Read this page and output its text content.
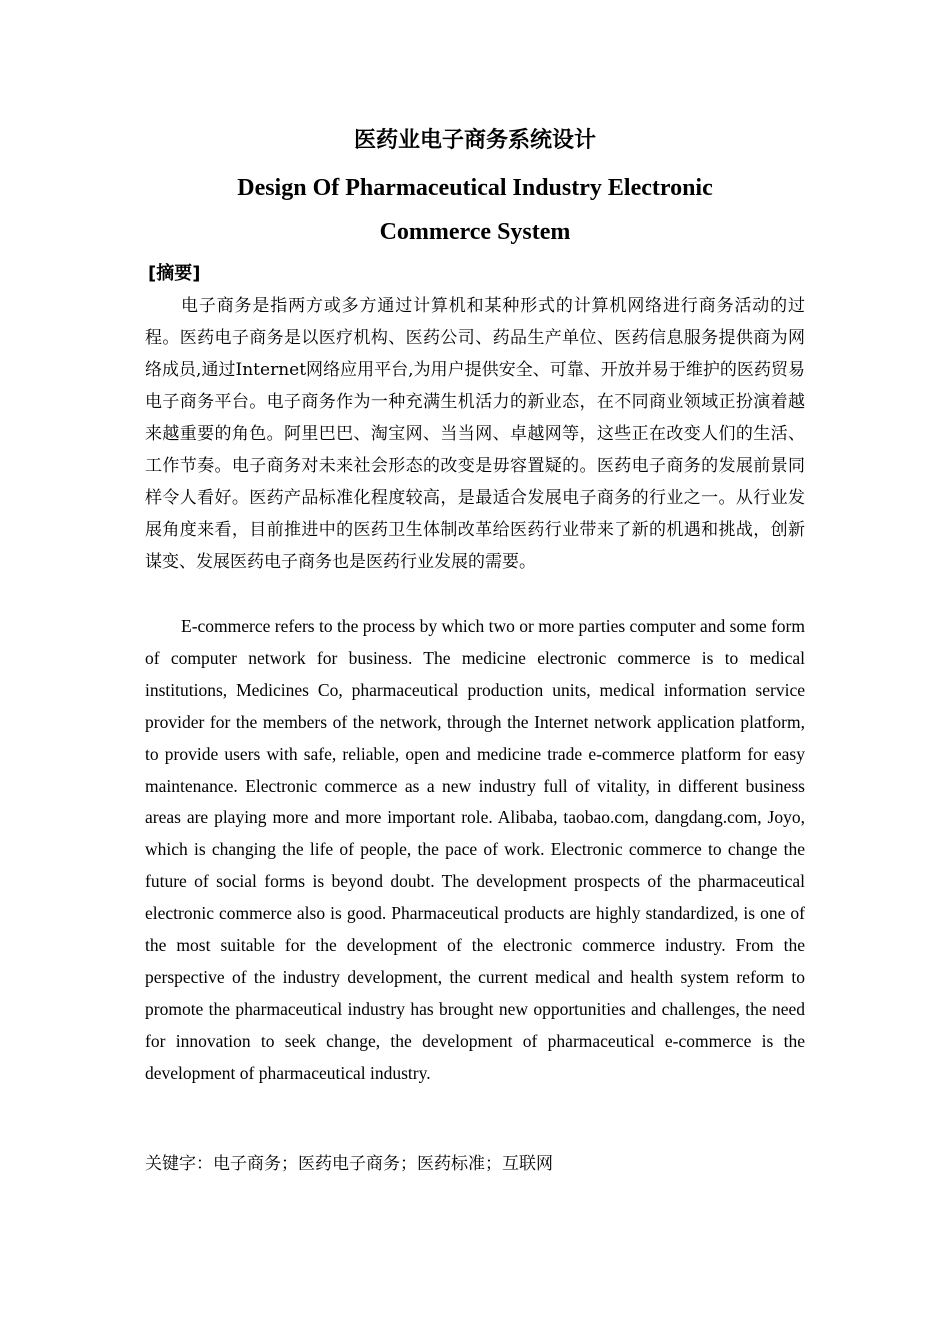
医药业电子商务系统设计
Design Of Pharmaceutical Industry Electronic
Commerce System
[摘要]

电子商务是指两方或多方通过计算机和某种形式的计算机网络进行商务活动的过程。医药电子商务是以医疗机构、医药公司、药品生产单位、医药信息服务提供商为网络成员,通过Internet网络应用平台,为用户提供安全、可靠、开放并易于维护的医药贸易电子商务平台。电子商务作为一种充满生机活力的新业态，在不同商业领域正扮演着越来越重要的角色。阿里巴巴、淘宝网、当当网、卓越网等，这些正在改变人们的生活、工作节奏。电子商务对未来社会形态的改变是毋容置疑的。医药电子商务的发展前景同样令人看好。医药产品标准化程度较高，是最适合发展电子商务的行业之一。从行业发展角度来看，目前推进中的医药卫生体制改革给医药行业带来了新的机遇和挑战，创新谋变、发展医药电子商务也是医药行业发展的需要。

E-commerce refers to the process by which two or more parties computer and some form of computer network for business. The medicine electronic commerce is to medical institutions, Medicines Co, pharmaceutical production units, medical information service provider for the members of the network, through the Internet network application platform, to provide users with safe, reliable, open and medicine trade e-commerce platform for easy maintenance. Electronic commerce as a new industry full of vitality, in different business areas are playing more and more important role. Alibaba, taobao.com, dangdang.com, Joyo, which is changing the life of people, the pace of work. Electronic commerce to change the future of social forms is beyond doubt. The development prospects of the pharmaceutical electronic commerce also is good. Pharmaceutical products are highly standardized, is one of the most suitable for the development of the electronic commerce industry. From the perspective of the industry development, the current medical and health system reform to promote the pharmaceutical industry has brought new opportunities and challenges, the need for innovation to seek change, the development of pharmaceutical e-commerce is the development of pharmaceutical industry.

关键字：电子商务；医药电子商务；医药标准；互联网
